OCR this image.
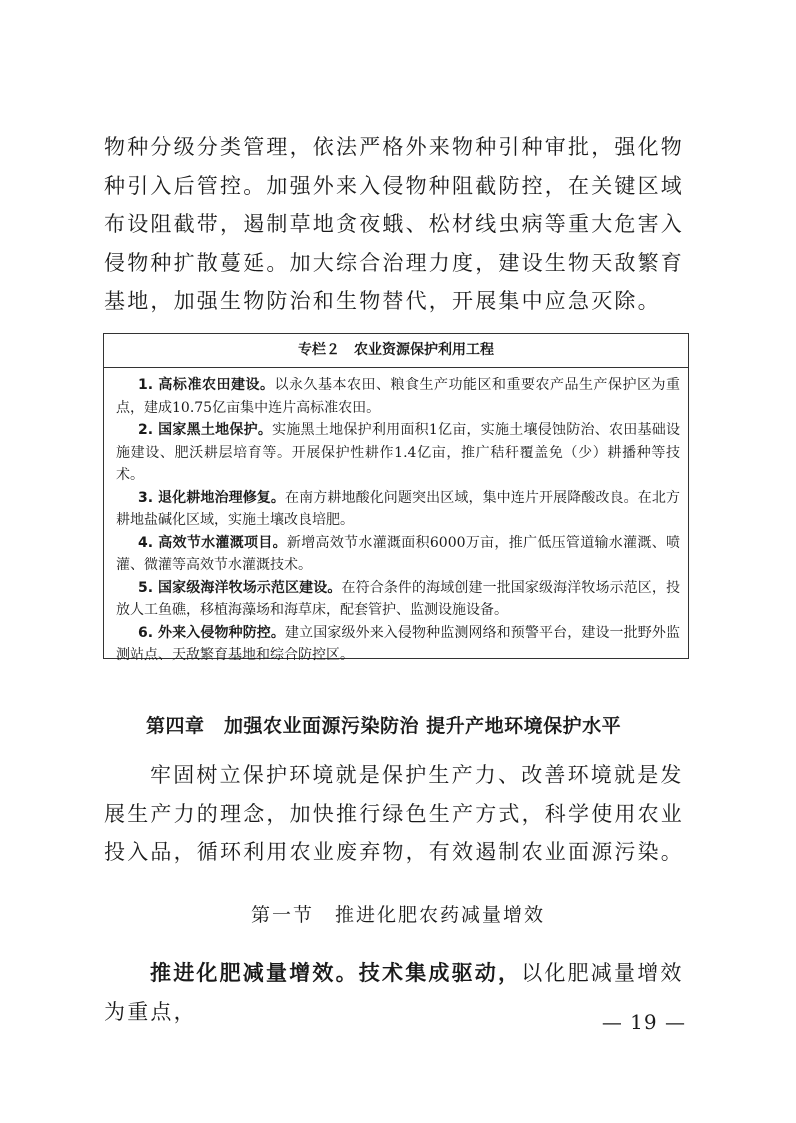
物种分级分类管理，依法严格外来物种引种审批，强化物种引入后管控。加强外来入侵物种阻截防控，在关键区域布设阻截带，遏制草地贪夜蛾、松材线虫病等重大危害入侵物种扩散蔓延。加大综合治理力度，建设生物天敌繁育基地，加强生物防治和生物替代，开展集中应急灭除。

专栏２　农业资源保护利用工程

1. 高标准农田建设。以永久基本农田、粮食生产功能区和重要农产品生产保护区为重点，建成10.75亿亩集中连片高标准农田。

2. 国家黑土地保护。实施黑土地保护利用面积1亿亩，实施土壤侵蚀防治、农田基础设施建设、肥沃耕层培育等。开展保护性耕作1.4亿亩，推广秸秆覆盖免（少）耕播种等技术。

3. 退化耕地治理修复。在南方耕地酸化问题突出区域，集中连片开展降酸改良。在北方耕地盐碱化区域，实施土壤改良培肥。

4. 高效节水灌溉项目。新增高效节水灌溉面积6000万亩，推广低压管道输水灌溉、喷灌、微灌等高效节水灌溉技术。

5. 国家级海洋牧场示范区建设。在符合条件的海域创建一批国家级海洋牧场示范区，投放人工鱼礁，移植海藻场和海草床，配套管护、监测设施设备。

6. 外来入侵物种防控。建立国家级外来入侵物种监测网络和预警平台，建设一批野外监测站点、天敌繁育基地和综合防控区。

第四章　加强农业面源污染防治 提升产地环境保护水平

牢固树立保护环境就是保护生产力、改善环境就是发展生产力的理念，加快推行绿色生产方式，科学使用农业投入品，循环利用农业废弃物，有效遏制农业面源污染。

第一节　推进化肥农药减量增效

推进化肥减量增效。技术集成驱动，以化肥减量增效为重点，	— 19 —
